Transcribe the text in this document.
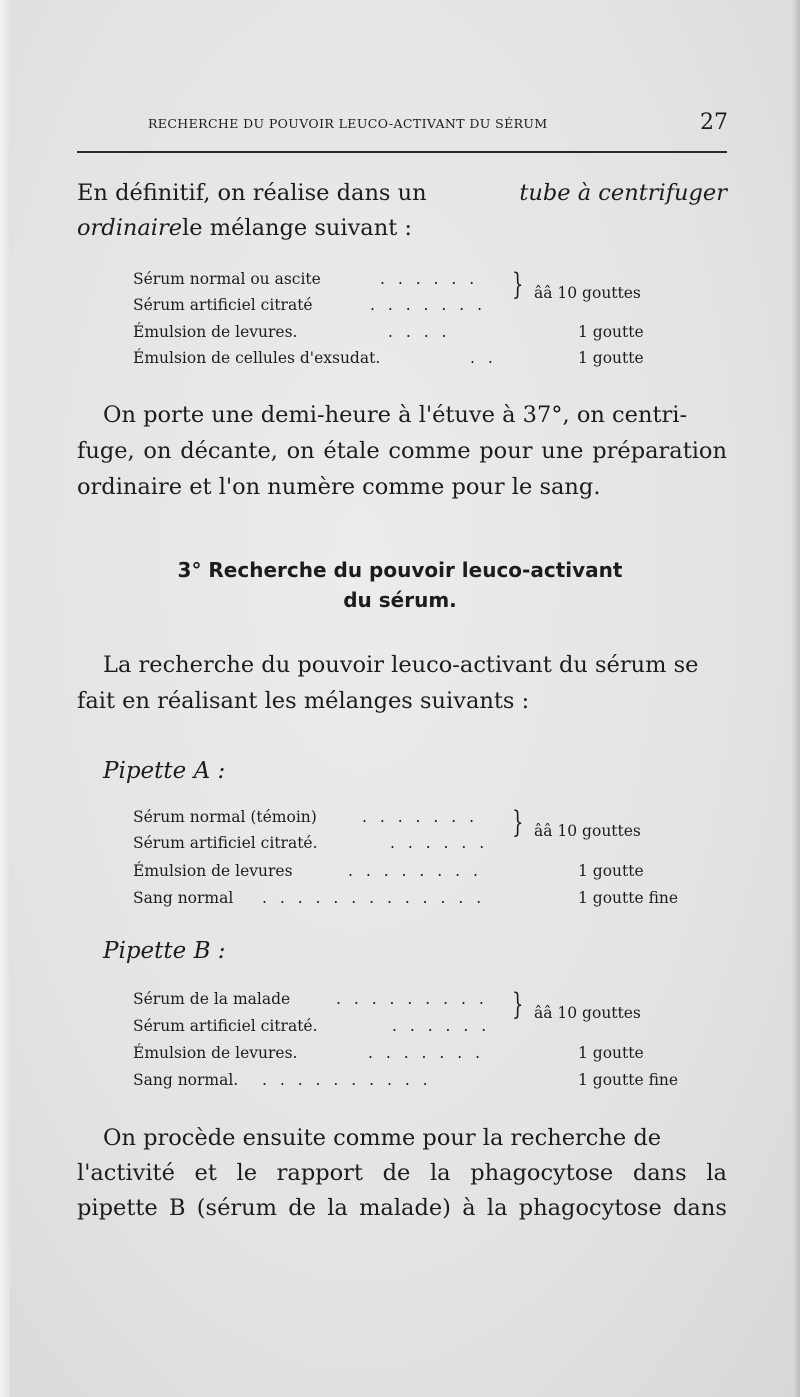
RECHERCHE DU POUVOIR LEUCO-ACTIVANT DU SÉRUM	27
En définitif, on réalise dans un	tube à centrifuger
ordinairele mélange suivant :
Sérum normal ou ascite	. . . . . .
Sérum artificiel citraté	. . . . . . .
} ââ 10 gouttes
Émulsion de levures.	. . . .	1 goutte
Émulsion de cellules d'exsudat.	. .	1 goutte
On porte une demi-heure à l'étuve à 37°, on centri-
fuge, on décante, on étale comme pour une préparation
ordinaire et l'on numère comme pour le sang.
3° Recherche du pouvoir leuco-activant
du sérum.
La recherche du pouvoir leuco-activant du sérum se
fait en réalisant les mélanges suivants :
Pipette A :
Sérum normal (témoin)	. . . . . . .
Sérum artificiel citraté.	. . . . . .
} ââ 10 gouttes
Émulsion de levures	. . . . . . . .	1 goutte
Sang normal . . . . . . . . . . . . .	1 goutte fine
Pipette B :
Sérum de la malade	. . . . . . . . .
Sérum artificiel citraté.	. . . . . .
} ââ 10 gouttes
Émulsion de levures.	. . . . . . .	1 goutte
Sang normal. . . . . . . . . . .	1 goutte fine
On procède ensuite comme pour la recherche de
l'activité et le rapport de la phagocytose dans la
pipette B (sérum de la malade) à la phagocytose dans
